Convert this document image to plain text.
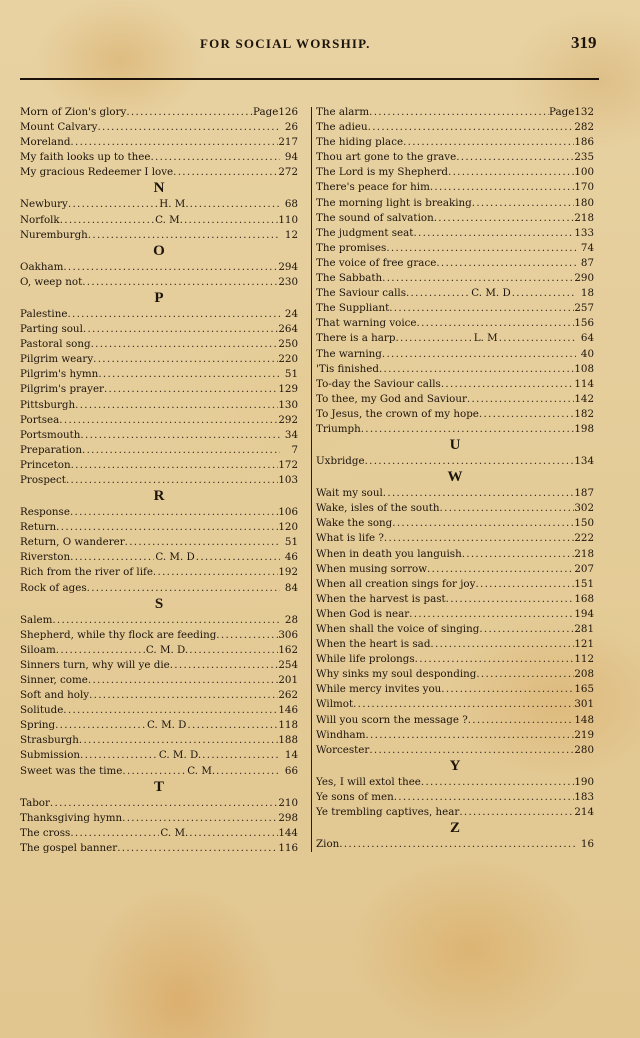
FOR SOCIAL WORSHIP.	319
Morn of Zion's glory .....	Page 126
Mount Calvary .....	26
Moreland .....	217
My faith looks up to thee .....	94
My gracious Redeemer I love .....	272
N
Newbury .....	H. M. .....	68
Norfolk .....	C. M. .....	110
Nuremburgh .....	12
O
Oakham .....	294
O, weep not .....	230
P
Palestine .....	24
Parting soul .....	264
Pastoral song .....	250
Pilgrim weary .....	220
Pilgrim's hymn .....	51
Pilgrim's prayer .....	129
Pittsburgh .....	130
Portsea .....	292
Portsmouth .....	34
Preparation .....	7
Princeton .....	172
Prospect .....	103
R
Response .....	106
Return .....	120
Return, O wanderer .....	51
Riverston .....	C. M. D .....	46
Rich from the river of life .....	192
Rock of ages .....	84
S
Salem .....	28
Shepherd, while thy flock are feeding .....	306
Siloam .....	C. M. D. .....	162
Sinners turn, why will ye die .....	254
Sinner, come .....	201
Soft and holy .....	262
Solitude .....	146
Spring .....	C. M. D .....	118
Strasburgh .....	188
Submission .....	C. M. D. .....	14
Sweet was the time .....	C. M. .....	66
T
Tabor .....	210
Thanksgiving hymn .....	298
The cross .....	C. M. .....	144
The gospel banner .....	116
The alarm .....	Page 132
The adieu .....	282
The hiding place .....	186
Thou art gone to the grave .....	235
The Lord is my Shepherd .....	100
There's peace for him .....	170
The morning light is breaking .....	180
The sound of salvation .....	218
The judgment seat .....	133
The promises .....	74
The voice of free grace .....	87
The Sabbath .....	290
The Saviour calls .....	C. M. D .....	18
The Suppliant .....	257
That warning voice .....	156
There is a harp .....	L. M .....	64
The warning .....	40
'Tis finished .....	108
To-day the Saviour calls .....	114
To thee, my God and Saviour .....	142
To Jesus, the crown of my hope .....	182
Triumph .....	198
U
Uxbridge .....	134
W
Wait my soul .....	187
Wake, isles of the south .....	302
Wake the song .....	150
What is life ? .....	222
When in death you languish .....	218
When musing sorrow .....	207
When all creation sings for joy .....	151
When the harvest is past .....	168
When God is near .....	194
When shall the voice of singing .....	281
When the heart is sad .....	121
While life prolongs .....	112
Why sinks my soul desponding .....	208
While mercy invites you .....	165
Wilmot .....	301
Will you scorn the message ? .....	148
Windham .....	219
Worcester .....	280
Y
Yes, I will extol thee .....	190
Ye sons of men .....	183
Ye trembling captives, hear .....	214
Z
Zion .....	16
